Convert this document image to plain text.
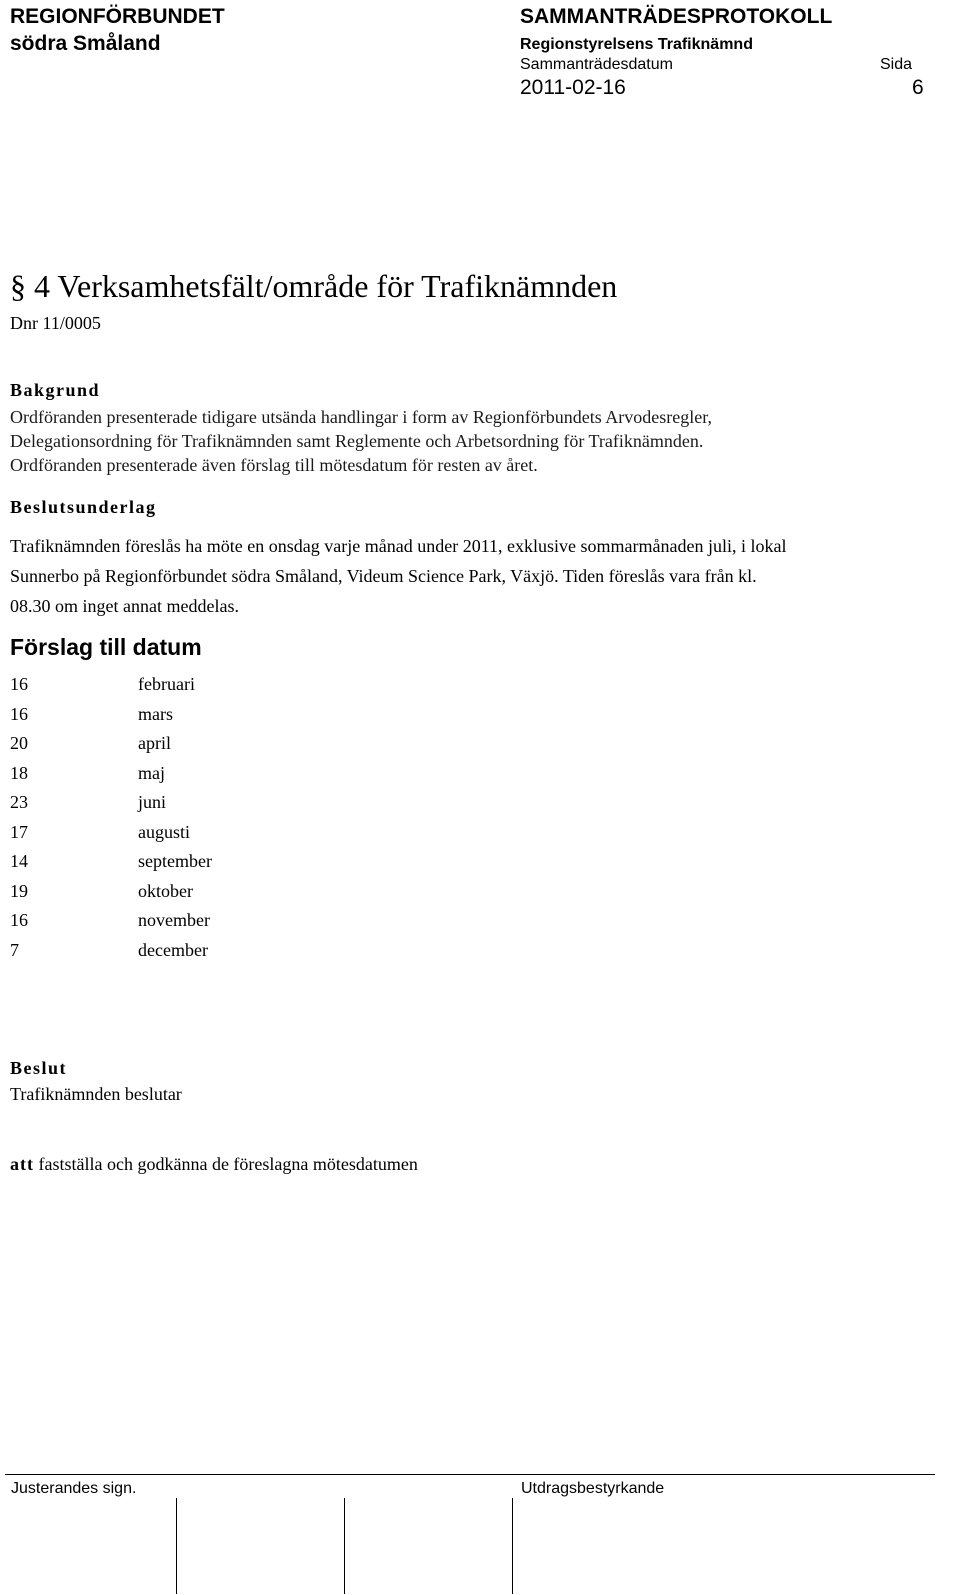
REGIONFÖRBUNDET
södra Småland
SAMMANTRÄDESPROTOKOLL
Regionstyrelsens Trafiknämnd
Sammanträdesdatum	Sida
2011-02-16	6
§ 4 Verksamhetsfält/område för Trafiknämnden
Dnr 11/0005
Bakgrund

Ordföranden presenterade tidigare utsända handlingar i form av Regionförbundets Arvodesregler,

Delegationsordning för Trafiknämnden samt Reglemente och Arbetsordning för Trafiknämnden.

Ordföranden presenterade även förslag till mötesdatum för resten av året.

Beslutsunderlag

Trafiknämnden föreslås ha möte en onsdag varje månad under 2011, exklusive sommarmånaden juli, i lokal

Sunnerbo på Regionförbundet södra Småland, Videum Science Park, Växjö. Tiden föreslås vara från kl.

08.30 om inget annat meddelas.

Förslag till datum
16	februari
16	mars
20	april
18	maj
23	juni
17	augusti
14	september
19	oktober
16	november
7	december
Beslut
Trafiknämnden beslutar
att fastställa och godkänna de föreslagna mötesdatumen
Justerandes sign.	Utdragsbestyrkande
